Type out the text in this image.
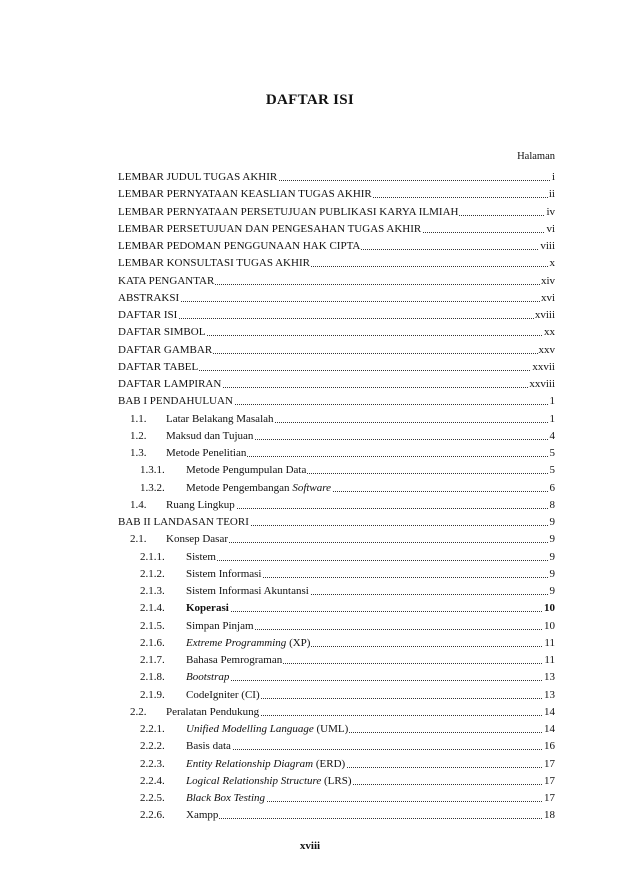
DAFTAR ISI
Halaman
LEMBAR JUDUL TUGAS AKHIR	i
LEMBAR PERNYATAAN KEASLIAN TUGAS AKHIR	ii
LEMBAR PERNYATAAN PERSETUJUAN PUBLIKASI KARYA ILMIAH	iv
LEMBAR PERSETUJUAN DAN PENGESAHAN TUGAS AKHIR	vi
LEMBAR PEDOMAN PENGGUNAAN HAK CIPTA	viii
LEMBAR KONSULTASI TUGAS AKHIR	x
KATA PENGANTAR	xiv
ABSTRAKSI	xvi
DAFTAR ISI	xviii
DAFTAR SIMBOL	xx
DAFTAR GAMBAR	xxv
DAFTAR TABEL	xxvii
DAFTAR LAMPIRAN	xxviii
BAB I PENDAHULUAN	1
1.1. Latar Belakang Masalah	1
1.2. Maksud dan Tujuan	4
1.3. Metode Penelitian	5
1.3.1. Metode Pengumpulan Data	5
1.3.2. Metode Pengembangan Software	6
1.4. Ruang Lingkup	8
BAB II LANDASAN TEORI	9
2.1. Konsep Dasar	9
2.1.1. Sistem	9
2.1.2. Sistem Informasi	9
2.1.3. Sistem Informasi Akuntansi	9
2.1.4. Koperasi	10
2.1.5. Simpan Pinjam	10
2.1.6. Extreme Programming (XP)	11
2.1.7. Bahasa Pemrograman	11
2.1.8. Bootstrap	13
2.1.9. CodeIgniter (CI)	13
2.2. Peralatan Pendukung	14
2.2.1. Unified Modelling Language (UML)	14
2.2.2. Basis data	16
2.2.3. Entity Relationship Diagram (ERD)	17
2.2.4. Logical Relationship Structure (LRS)	17
2.2.5. Black Box Testing	17
2.2.6. Xampp	18
xviii
